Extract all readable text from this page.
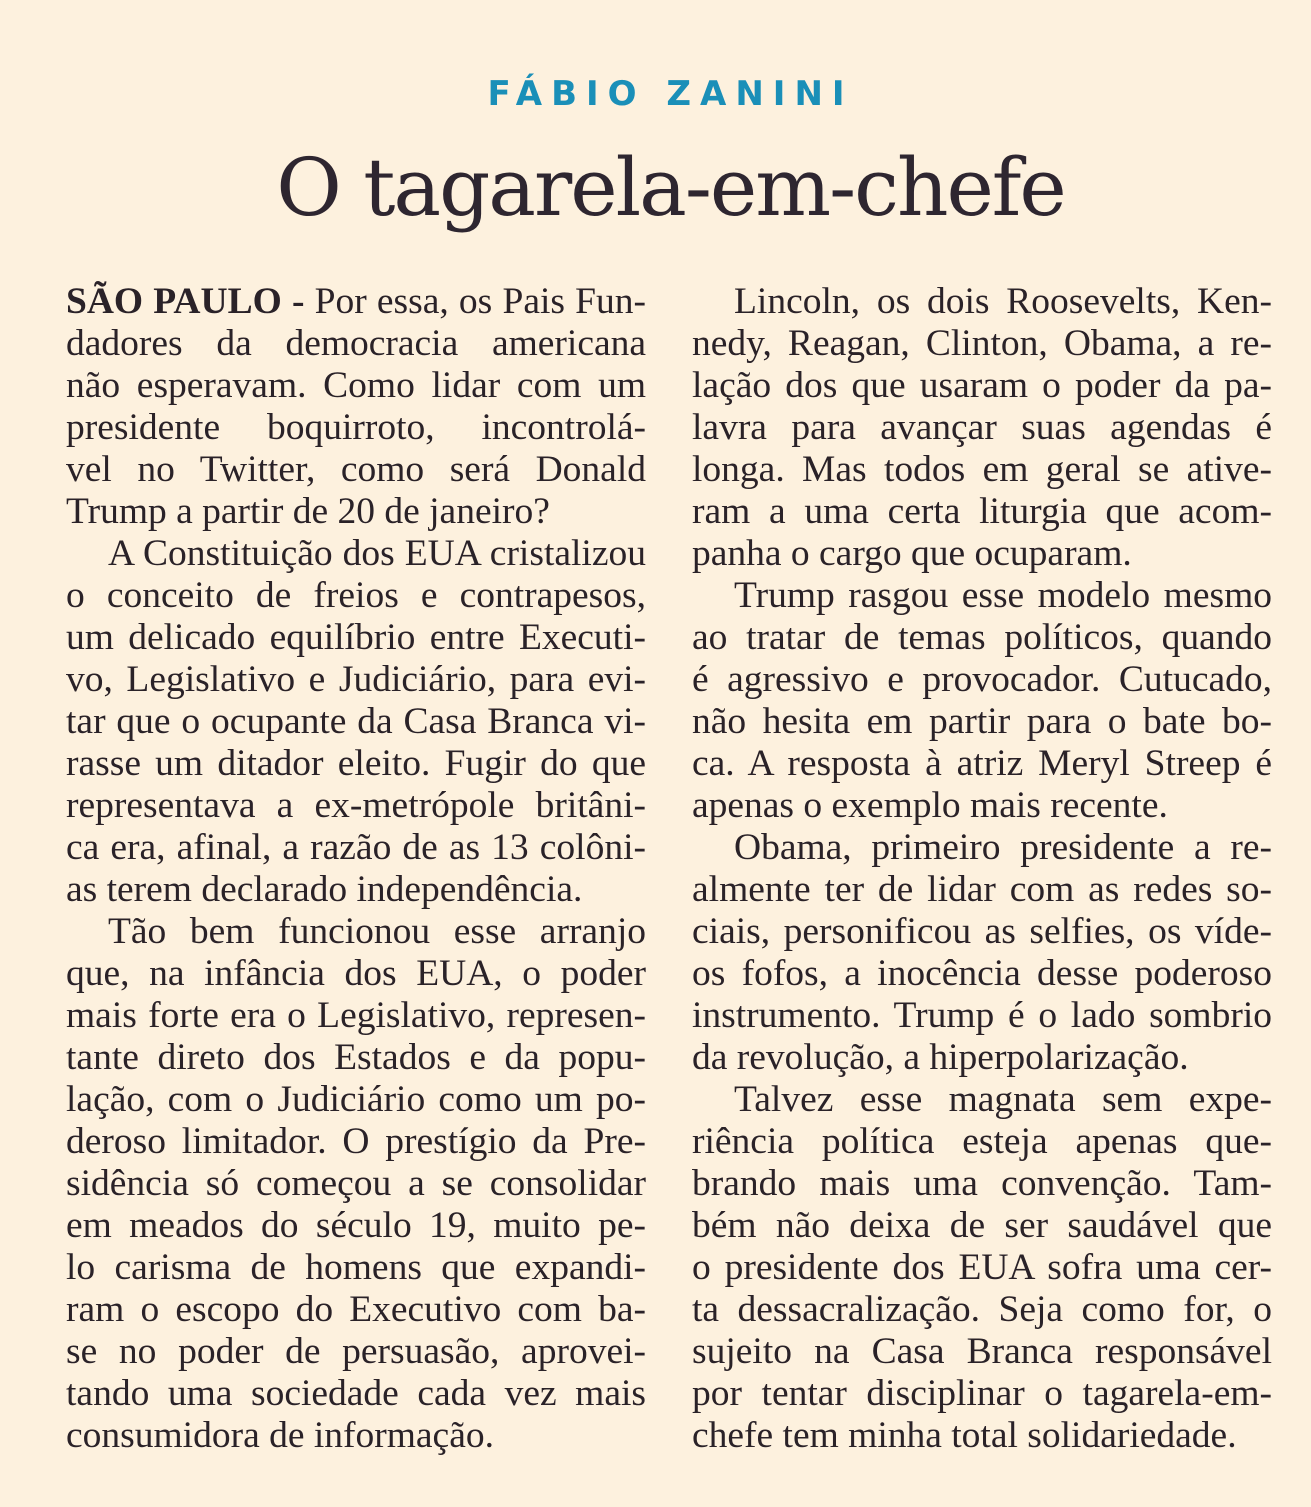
FÁBIO ZANINI
O tagarela-em-chefe
SÃO PAULO - Por essa, os Pais Fun-
dadores da democracia americana
não esperavam. Como lidar com um
presidente boquirroto, incontrolá-
vel no Twitter, como será Donald
Trump a partir de 20 de janeiro?
A Constituição dos EUA cristalizou
o conceito de freios e contrapesos,
um delicado equilíbrio entre Executi-
vo, Legislativo e Judiciário, para evi-
tar que o ocupante da Casa Branca vi-
rasse um ditador eleito. Fugir do que
representava a ex-metrópole britâni-
ca era, afinal, a razão de as 13 colôni-
as terem declarado independência.
Tão bem funcionou esse arranjo
que, na infância dos EUA, o poder
mais forte era o Legislativo, represen-
tante direto dos Estados e da popu-
lação, com o Judiciário como um po-
deroso limitador. O prestígio da Pre-
sidência só começou a se consolidar
em meados do século 19, muito pe-
lo carisma de homens que expandi-
ram o escopo do Executivo com ba-
se no poder de persuasão, aprovei-
tando uma sociedade cada vez mais
consumidora de informação.
Lincoln, os dois Roosevelts, Ken-
nedy, Reagan, Clinton, Obama, a re-
lação dos que usaram o poder da pa-
lavra para avançar suas agendas é
longa. Mas todos em geral se ative-
ram a uma certa liturgia que acom-
panha o cargo que ocuparam.
Trump rasgou esse modelo mesmo
ao tratar de temas políticos, quando
é agressivo e provocador. Cutucado,
não hesita em partir para o bate bo-
ca. A resposta à atriz Meryl Streep é
apenas o exemplo mais recente.
Obama, primeiro presidente a re-
almente ter de lidar com as redes so-
ciais, personificou as selfies, os víde-
os fofos, a inocência desse poderoso
instrumento. Trump é o lado sombrio
da revolução, a hiperpolarização.
Talvez esse magnata sem expe-
riência política esteja apenas que-
brando mais uma convenção. Tam-
bém não deixa de ser saudável que
o presidente dos EUA sofra uma cer-
ta dessacralização. Seja como for, o
sujeito na Casa Branca responsável
por tentar disciplinar o tagarela-em-
chefe tem minha total solidariedade.
